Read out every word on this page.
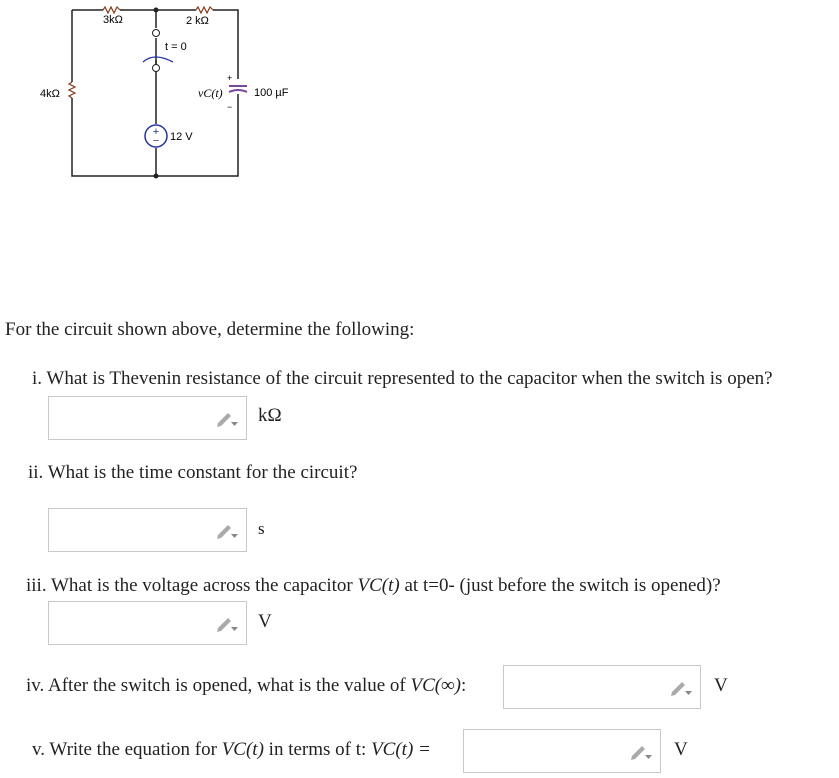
+
−
3kΩ	2 kΩ
4kΩ
t = 0
vC(t)	100 µF
+
−
12 V
For the circuit shown above, determine the following:
i. What is Thevenin resistance of the circuit represented to the capacitor when the switch is open?
kΩ
ii. What is the time constant for the circuit?
s
iii. What is the voltage across the capacitor VC(t) at t=0- (just before the switch is opened)?
V
iv. After the switch is opened, what is the value of VC(∞):	V
v. Write the equation for VC(t) in terms of t: VC(t) =	V
